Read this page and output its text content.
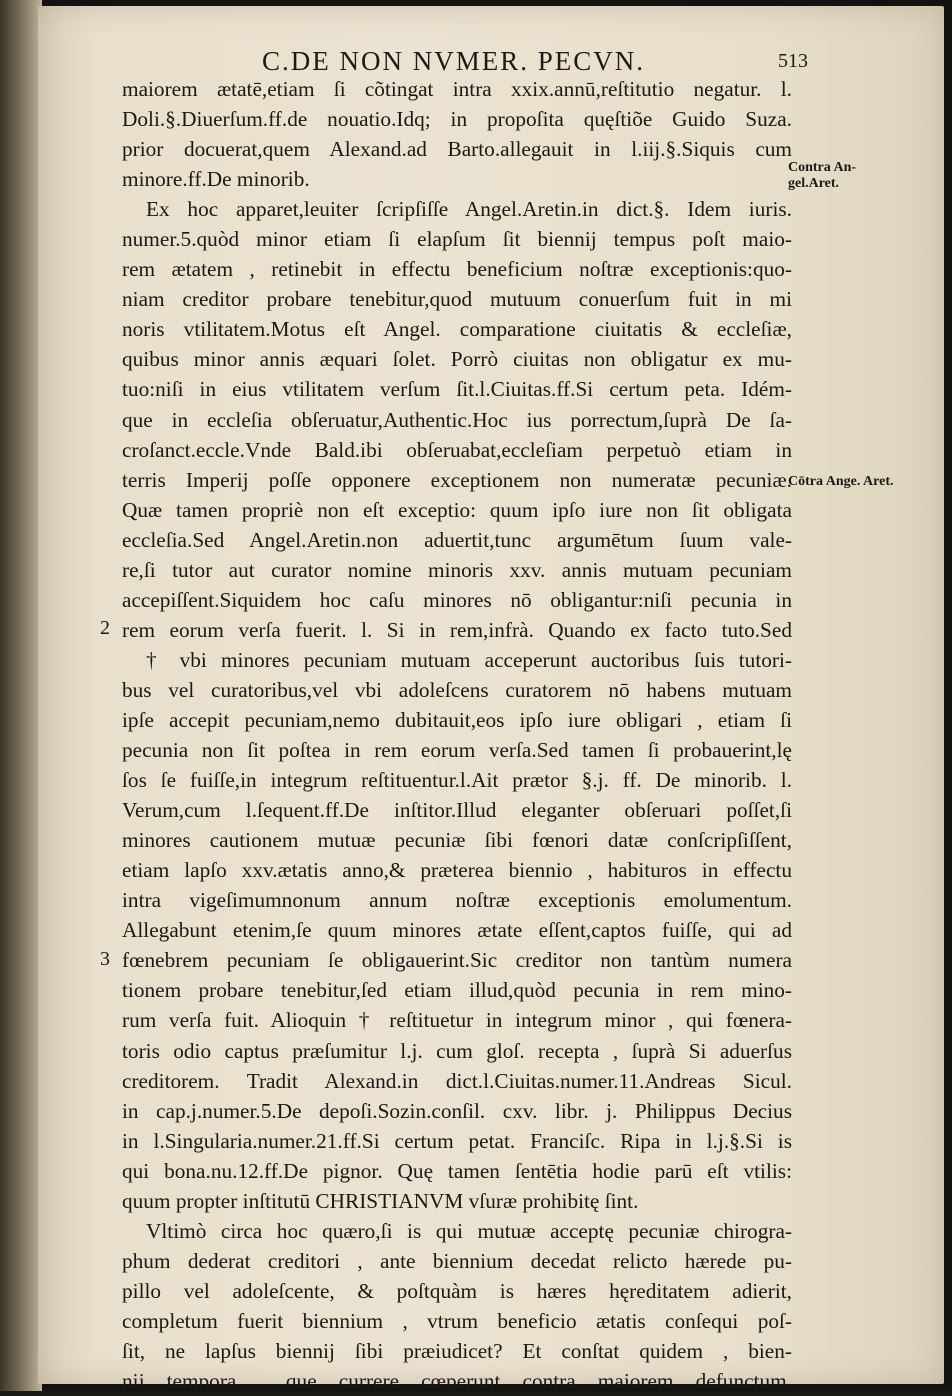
C.DE NON NVMER. PECVN.	513
Contra An- gel.Aret.
Cōtra Ange. Aret.
2
3
maiorem ætatē,etiam ſi cõtingat intra xxix.annū,reſtitutio negatur. l.
Doli.§.Diuerſum.ff.de nouatio.Idq; in propoſita quęſtiõe Guido Suza.
prior docuerat,quem Alexand.ad Barto.allegauit in l.iij.§.Siquis cum
minore.ff.De minorib.
Ex hoc apparet,leuiter ſcripſiſſe Angel.Aretin.in dict.§. Idem iuris.
numer.5.quòd minor etiam ſi elapſum ſit biennij tempus poſt maio-
rem ætatem , retinebit in effectu beneficium noſtræ exceptionis:quo-
niam creditor probare tenebitur,quod mutuum conuerſum fuit in mi
noris vtilitatem.Motus eſt Angel. comparatione ciuitatis & eccleſiæ,
quibus minor annis æquari ſolet. Porrò ciuitas non obligatur ex mu-
tuo:niſi in eius vtilitatem verſum ſit.l.Ciuitas.ff.Si certum peta. Idém-
que in eccleſia obſeruatur,Authentic.Hoc ius porrectum,ſuprà De ſa-
croſanct.eccle.Vnde Bald.ibi obſeruabat,eccleſiam perpetuò etiam in
terris Imperij poſſe opponere exceptionem non numeratæ pecuniæ.
Quæ tamen propriè non eſt exceptio: quum ipſo iure non ſit obligata
eccleſia.Sed Angel.Aretin.non aduertit,tunc argumētum ſuum vale-
re,ſi tutor aut curator nomine minoris xxv. annis mutuam pecuniam
accepiſſent.Siquidem hoc caſu minores nō obligantur:niſi pecunia in
rem eorum verſa fuerit. l. Si in rem,infrà. Quando ex facto tuto.Sed
† vbi minores pecuniam mutuam acceperunt auctoribus ſuis tutori-
bus vel curatoribus,vel vbi adoleſcens curatorem nō habens mutuam
ipſe accepit pecuniam,nemo dubitauit,eos ipſo iure obligari , etiam ſi
pecunia non ſit poſtea in rem eorum verſa.Sed tamen ſi probauerint,lę
ſos ſe fuiſſe,in integrum reſtituentur.l.Ait prætor §.j. ff. De minorib. l.
Verum,cum l.ſequent.ff.De inſtitor.Illud eleganter obſeruari poſſet,ſi
minores cautionem mutuæ pecuniæ ſibi fœnori datæ conſcripſiſſent,
etiam lapſo xxv.ætatis anno,& præterea biennio , habituros in effectu
intra vigeſimumnonum annum noſtræ exceptionis emolumentum.
Allegabunt etenim,ſe quum minores ætate eſſent,captos fuiſſe, qui ad
fœnebrem pecuniam ſe obligauerint.Sic creditor non tantùm numera
tionem probare tenebitur,ſed etiam illud,quòd pecunia in rem mino-
rum verſa fuit. Alioquin † reſtituetur in integrum minor , qui fœnera-
toris odio captus præſumitur l.j. cum gloſ. recepta , ſuprà Si aduerſus
creditorem. Tradit Alexand.in dict.l.Ciuitas.numer.11.Andreas Sicul.
in cap.j.numer.5.De depoſi.Sozin.conſil. cxv. libr. j. Philippus Decius
in l.Singularia.numer.21.ff.Si certum petat. Franciſc. Ripa in l.j.§.Si is
qui bona.nu.12.ff.De pignor. Quę tamen ſentētia hodie parū eſt vtilis:
quum propter inſtitutū CHRISTIANVM vſuræ prohibitę ſint.
Vltimò circa hoc quæro,ſi is qui mutuæ acceptę pecuniæ chirogra-
phum dederat creditori , ante biennium decedat relicto hærede pu-
pillo vel adoleſcente, & poſtquàm is hæres hęreditatem adierit,
completum fuerit biennium , vtrum beneficio ætatis conſequi poſ-
ſit, ne lapſus biennij ſibi præiudicet? Et conſtat quidem , bien-
nij tempora , quę currere cœperunt contra maiorem defunctum,
